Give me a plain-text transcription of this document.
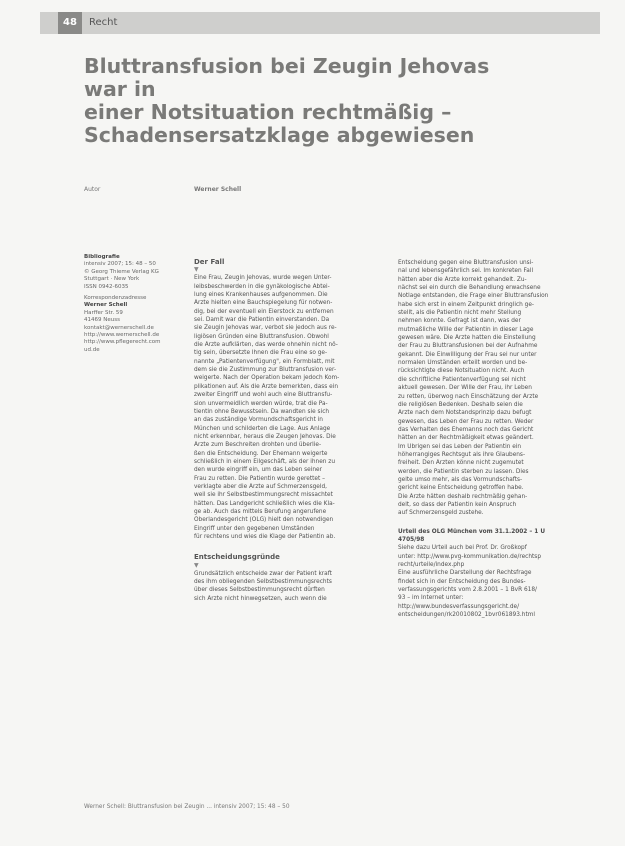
48	Recht
Bluttransfusion bei Zeugin Jehovas war in
einer Notsituation rechtmäßig –
Schadensersatzklage abgewiesen
Autor	Werner Schell

Bibliografie
intensiv 2007; 15: 48 – 50
© Georg Thieme Verlag KG
Stuttgart · New York
ISSN 0942-6035

Korrespondenzadresse
Werner Schell
Harffer Str. 59
41469 Neuss
kontakt@wernerschell.de
http://www.wernerschell.de
http://www.pflegerecht.com
ud.de

Der Fall
▼
Eine Frau, Zeugin Jehovas, wurde wegen Unter-
leibsbeschwerden in die gynäkologische Abtei-
lung eines Krankenhauses aufgenommen. Die
Ärzte hielten eine Bauchspiegelung für notwen-
dig, bei der eventuell ein Eierstock zu entfernen
sei. Damit war die Patientin einverstanden. Da
sie Zeugin Jehovas war, verbot sie jedoch aus re-
ligiösen Gründen eine Bluttransfusion. Obwohl
die Ärzte aufklärten, das werde ohnehin nicht nö-
tig sein, übersetzte Ihnen die Frau eine so ge-
nannte „Patientenverfügung", ein Formblatt, mit
dem sie die Zustimmung zur Bluttransfusion ver-
weigerte. Nach der Operation bekam jedoch Kom-
plikationen auf. Als die Ärzte bemerkten, dass ein
zweiter Eingriff und wohl auch eine Bluttransfu-
sion unvermeidlich werden würde, trat die Pa-
tientin ohne Bewusstsein. Da wandten sie sich
an das zuständige Vormundschaftsgericht in
München und schilderten die Lage. Aus Anlage
nicht erkennbar, heraus die Zeugen Jehovas. Die
Ärzte zum Beschreiten drohten und überlie-
ßen die Entscheidung. Der Ehemann weigerte
schließlich in einem Eilgeschäft, als der ihnen zu
den wurde eingriff ein, um das Leben seiner
Frau zu retten. Die Patientin wurde gerettet –
verklagte aber die Ärzte auf Schmerzensgeld,
weil sie ihr Selbstbestimmungsrecht missachtet
hätten. Das Landgericht schließlich wies die Kla-
ge ab. Auch das mittels Berufung angerufene
Oberlandesgericht (OLG) hielt den notwendigen
Eingriff unter den gegebenen Umständen
für rechtens und wies die Klage der Patientin ab.
Entscheidungsgründe
▼
Grundsätzlich entscheide zwar der Patient kraft
des ihm obliegenden Selbstbestimmungsrechts
über dieses Selbstbestimmungsrecht dürften
sich Ärzte nicht hinwegsetzen, auch wenn die
Entscheidung gegen eine Bluttransfusion unsi-
nal und lebensgefährlich sei. Im konkreten Fall
hätten aber die Ärzte korrekt gehandelt. Zu-
nächst sei ein durch die Behandlung erwachsene
Notlage entstanden, die Frage einer Bluttransfusion
habe sich erst in einem Zeitpunkt dringlich ge-
stellt, als die Patientin nicht mehr Stellung
nehmen konnte. Gefragt ist dann, was der
mutmaßliche Wille der Patientin in dieser Lage
gewesen wäre. Die Ärzte hatten die Einstellung
der Frau zu Bluttransfusionen bei der Aufnahme
gekannt. Die Einwilligung der Frau sei nur unter
normalen Umständen erteilt worden und be-
rücksichtigte diese Notsituation nicht. Auch
die schriftliche Patientenverfügung sei nicht
aktuell gewesen. Der Wille der Frau, ihr Leben
zu retten, überwog nach Einschätzung der Ärzte
die religiösen Bedenken. Deshalb seien die
Ärzte nach dem Notstandsprinzip dazu befugt
gewesen, das Leben der Frau zu retten. Weder
das Verhalten des Ehemanns noch das Gericht
hätten an der Rechtmäßigkeit etwas geändert.
Im Übrigen sei das Leben der Patientin ein
höherrangiges Rechtsgut als ihre Glaubens-
freiheit. Den Ärzten könne nicht zugemutet
werden, die Patientin sterben zu lassen. Dies
gelte umso mehr, als das Vormundschafts-
gericht keine Entscheidung getroffen habe.
Die Ärzte hätten deshalb rechtmäßig gehan-
delt, so dass der Patientin kein Anspruch
auf Schmerzensgeld zustehe.
Urteil des OLG München vom 31.1.2002 – 1 U
4705/98
Siehe dazu Urteil auch bei Prof. Dr. Großkopf
unter: http://www.pvg-kommunikation.de/rechtsp
recht/urteile/index.php
Eine ausführliche Darstellung der Rechtsfrage
findet sich in der Entscheidung des Bundes-
verfassungsgerichts vom 2.8.2001 – 1 BvR 618/
93 – im Internet unter:
http://www.bundesverfassungsgericht.de/
entscheidungen/rk20010802_1bvr061893.html
Werner Schell: Bluttransfusion bei Zeugin ... intensiv 2007; 15: 48 – 50
